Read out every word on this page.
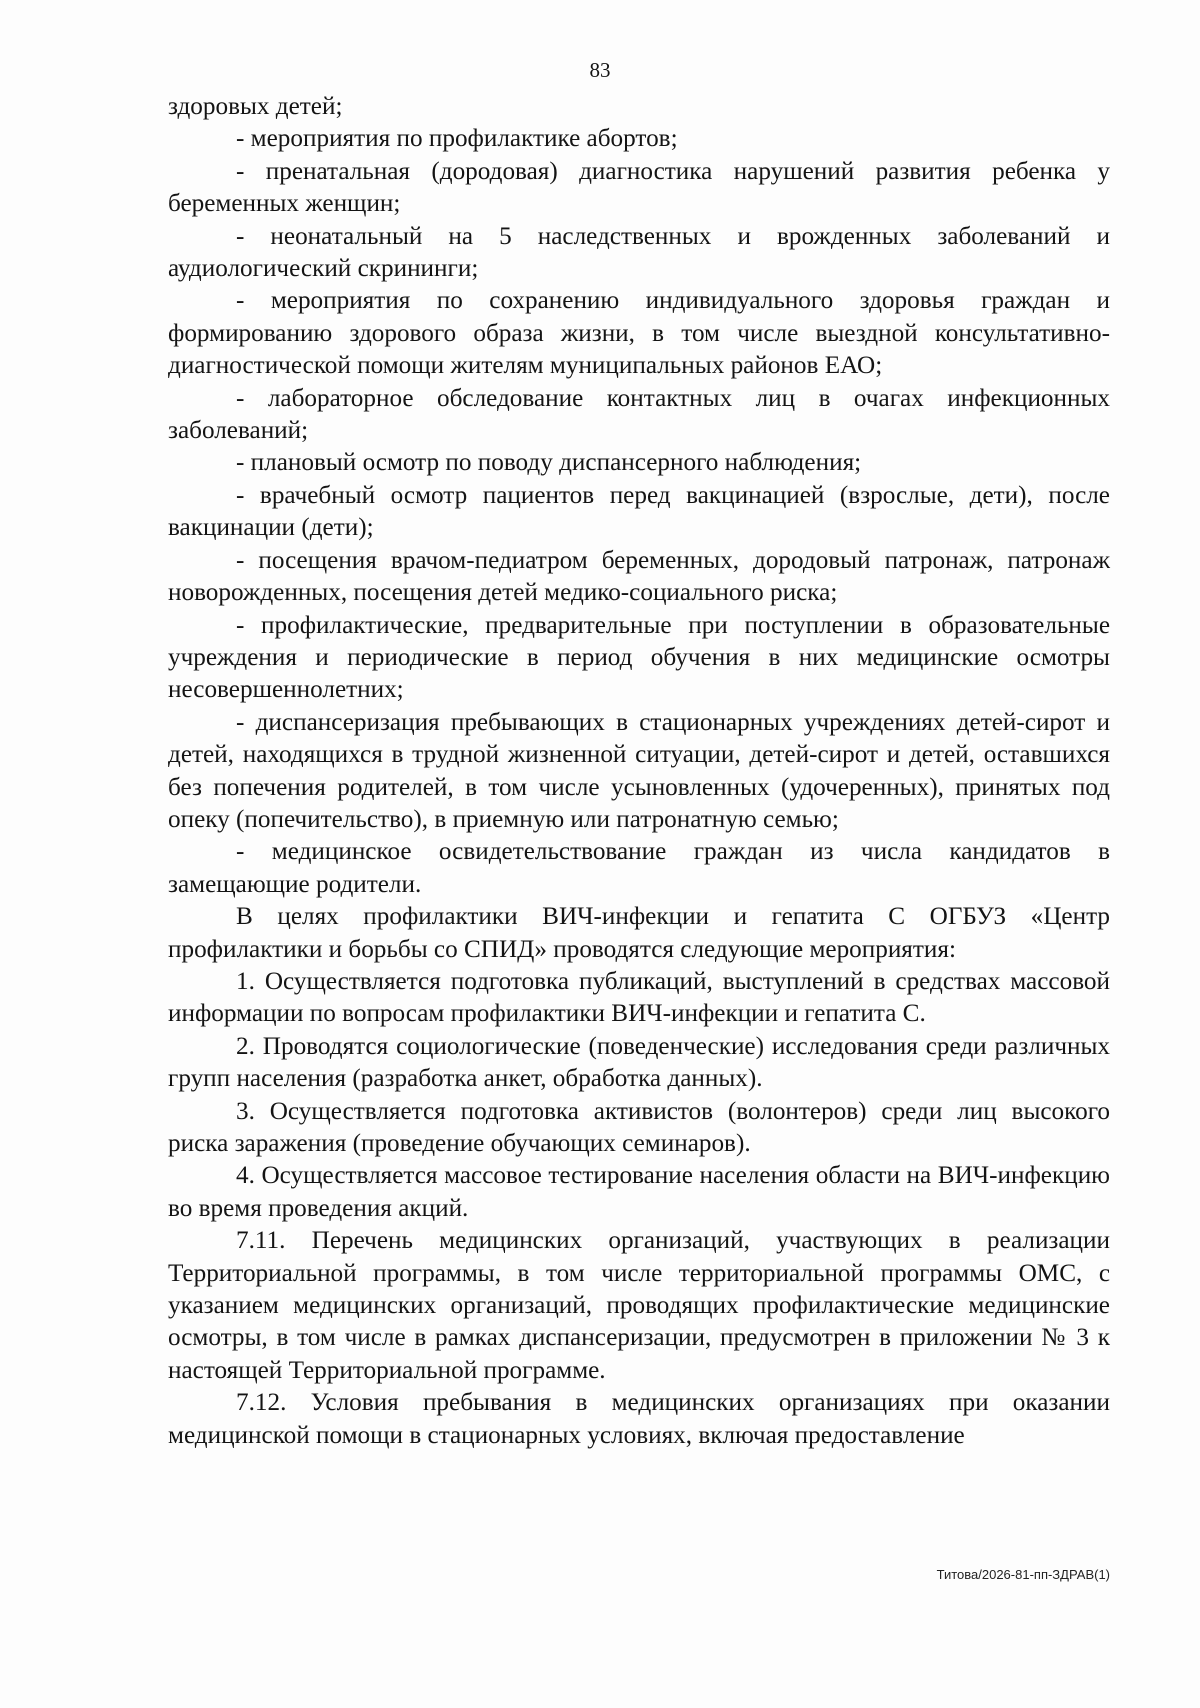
83

здоровых детей;

- мероприятия по профилактике абортов;

- пренатальная (дородовая) диагностика нарушений развития ребенка у беременных женщин;

- неонатальный на 5 наследственных и врожденных заболеваний и аудиологический скрининги;

- мероприятия по сохранению индивидуального здоровья граждан и формированию здорового образа жизни, в том числе выездной консультативно-диагностической помощи жителям муниципальных районов ЕАО;

- лабораторное обследование контактных лиц в очагах инфекционных заболеваний;

- плановый осмотр по поводу диспансерного наблюдения;

- врачебный осмотр пациентов перед вакцинацией (взрослые, дети), после вакцинации (дети);

- посещения врачом-педиатром беременных, дородовый патронаж, патронаж новорожденных, посещения детей медико-социального риска;

- профилактические, предварительные при поступлении в образовательные учреждения и периодические в период обучения в них медицинские осмотры несовершеннолетних;

- диспансеризация пребывающих в стационарных учреждениях детей-сирот и детей, находящихся в трудной жизненной ситуации, детей-сирот и детей, оставшихся без попечения родителей, в том числе усыновленных (удочеренных), принятых под опеку (попечительство), в приемную или патронатную семью;

- медицинское освидетельствование граждан из числа кандидатов в замещающие родители.

В целях профилактики ВИЧ-инфекции и гепатита С ОГБУЗ «Центр профилактики и борьбы со СПИД» проводятся следующие мероприятия:

1. Осуществляется подготовка публикаций, выступлений в средствах массовой информации по вопросам профилактики ВИЧ-инфекции и гепатита С.

2. Проводятся социологические (поведенческие) исследования среди различных групп населения (разработка анкет, обработка данных).

3. Осуществляется подготовка активистов (волонтеров) среди лиц высокого риска заражения (проведение обучающих семинаров).

4. Осуществляется массовое тестирование населения области на ВИЧ-инфекцию во время проведения акций.

7.11. Перечень медицинских организаций, участвующих в реализации Территориальной программы, в том числе территориальной программы ОМС, с указанием медицинских организаций, проводящих профилактические медицинские осмотры, в том числе в рамках диспансеризации, предусмотрен в приложении № 3 к настоящей Территориальной программе.

7.12. Условия пребывания в медицинских организациях при оказании медицинской помощи в стационарных условиях, включая предоставление

Титова/2026-81-пп-ЗДРАВ(1)
